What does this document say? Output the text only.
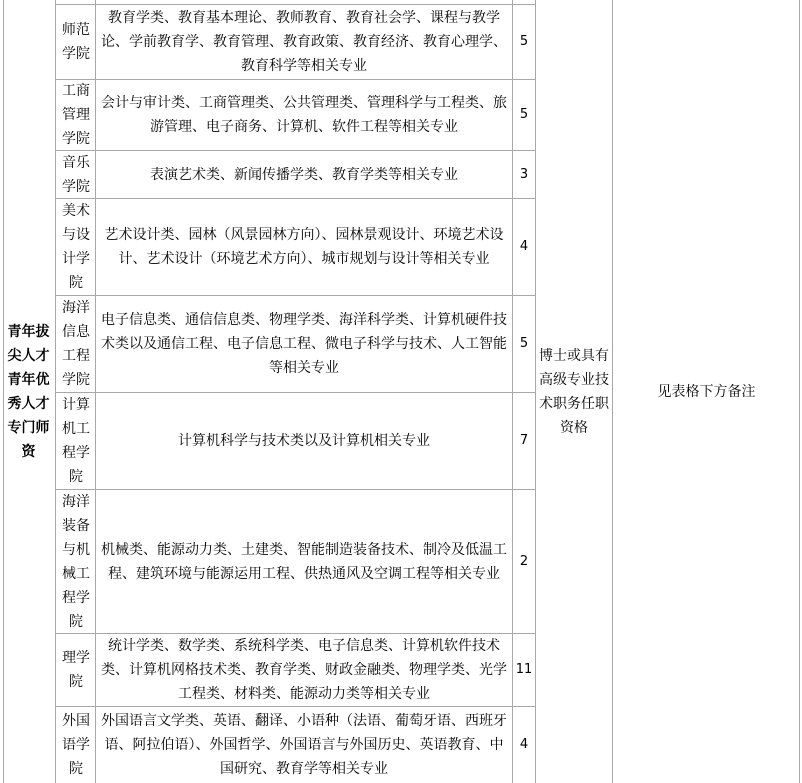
青年拔
尖人才
青年优
秀人才
专门师
资
博士或具有高级专业技术职务任职资格
见表格下方备注
师范学院
教育学类、教育基本理论、教师教育、教育社会学、课程与教学论、学前教育学、教育管理、教育政策、教育经济、教育心理学、教育科学等相关专业
5
工商管理学院
会计与审计类、工商管理类、公共管理类、管理科学与工程类、旅游管理、电子商务、计算机、软件工程等相关专业
5
音乐学院
表演艺术类、新闻传播学类、教育学类等相关专业	3
美术与设计学院
艺术设计类、园林（风景园林方向）、园林景观设计、环境艺术设计、艺术设计（环境艺术方向）、城市规划与设计等相关专业
4
海洋信息工程学院
电子信息类、通信信息类、物理学类、海洋科学类、计算机硬件技术类以及通信工程、电子信息工程、微电子科学与技术、人工智能等相关专业
5
计算机工程学院
计算机科学与技术类以及计算机相关专业	7
海洋装备与机械工程学院
机械类、能源动力类、土建类、智能制造装备技术、制冷及低温工程、建筑环境与能源运用工程、供热通风及空调工程等相关专业
2
理学院
统计学类、数学类、系统科学类、电子信息类、计算机软件技术类、计算机网格技术类、教育学类、财政金融类、物理学类、光学工程类、材料类、能源动力类等相关专业
11
外国语学院
外国语言文学类、英语、翻译、小语种（法语、葡萄牙语、西班牙语、阿拉伯语）、外国哲学、外国语言与外国历史、英语教育、中国研究、教育学等相关专业
4
